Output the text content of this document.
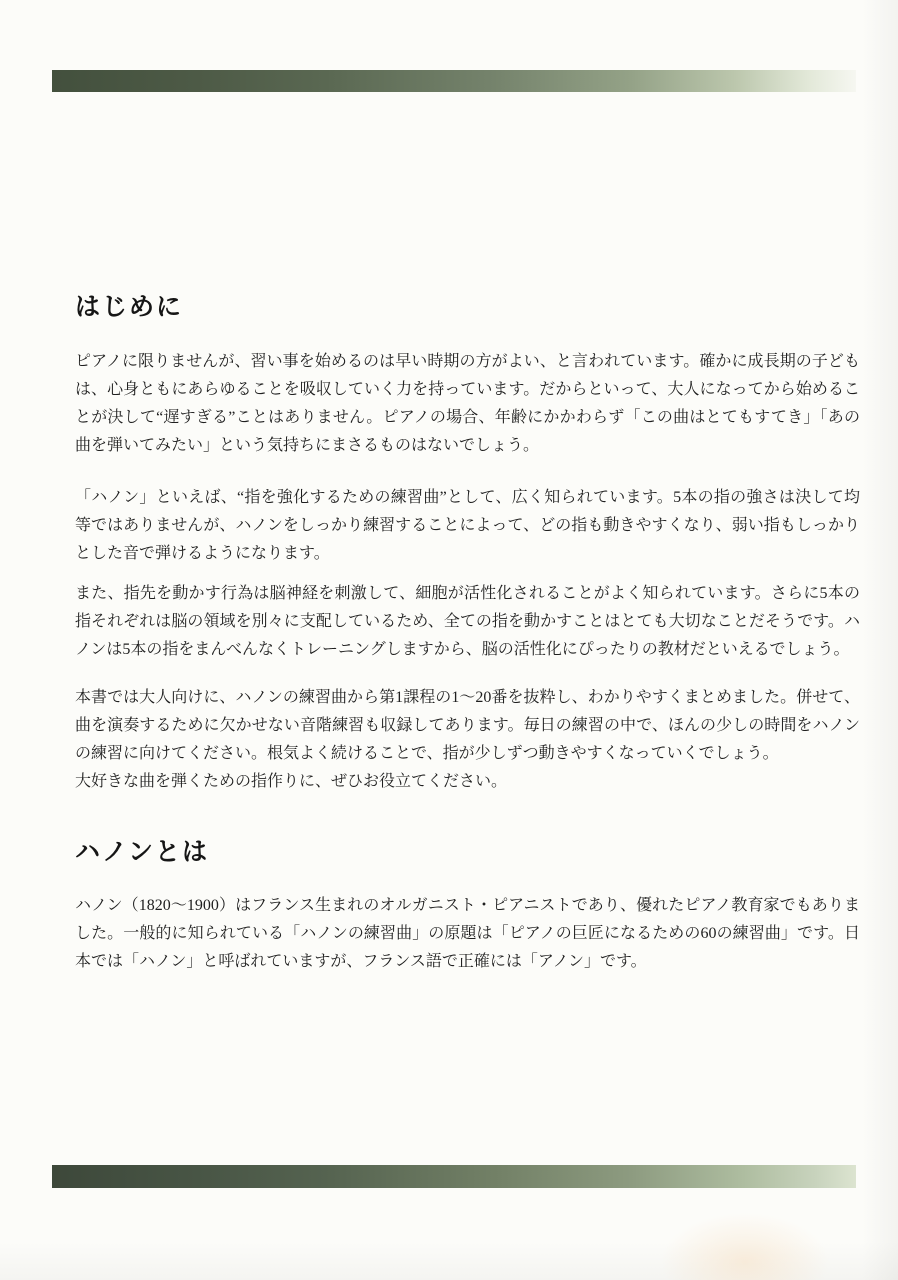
はじめに

ピアノに限りませんが、習い事を始めるのは早い時期の方がよい、と言われています。確かに成長期の子どもは、心身ともにあらゆることを吸収していく力を持っています。だからといって、大人になってから始めることが決して“遅すぎる”ことはありません。ピアノの場合、年齢にかかわらず「この曲はとてもすてき」「あの曲を弾いてみたい」という気持ちにまさるものはないでしょう。

「ハノン」といえば、“指を強化するための練習曲”として、広く知られています。5本の指の強さは決して均等ではありませんが、ハノンをしっかり練習することによって、どの指も動きやすくなり、弱い指もしっかりとした音で弾けるようになります。

また、指先を動かす行為は脳神経を刺激して、細胞が活性化されることがよく知られています。さらに5本の指それぞれは脳の領域を別々に支配しているため、全ての指を動かすことはとても大切なことだそうです。ハノンは5本の指をまんべんなくトレーニングしますから、脳の活性化にぴったりの教材だといえるでしょう。

本書では大人向けに、ハノンの練習曲から第1課程の1〜20番を抜粋し、わかりやすくまとめました。併せて、曲を演奏するために欠かせない音階練習も収録してあります。毎日の練習の中で、ほんの少しの時間をハノンの練習に向けてください。根気よく続けることで、指が少しずつ動きやすくなっていくでしょう。
大好きな曲を弾くための指作りに、ぜひお役立てください。

ハノンとは

ハノン（1820〜1900）はフランス生まれのオルガニスト・ピアニストであり、優れたピアノ教育家でもありました。一般的に知られている「ハノンの練習曲」の原題は「ピアノの巨匠になるための60の練習曲」です。日本では「ハノン」と呼ばれていますが、フランス語で正確には「アノン」です。
